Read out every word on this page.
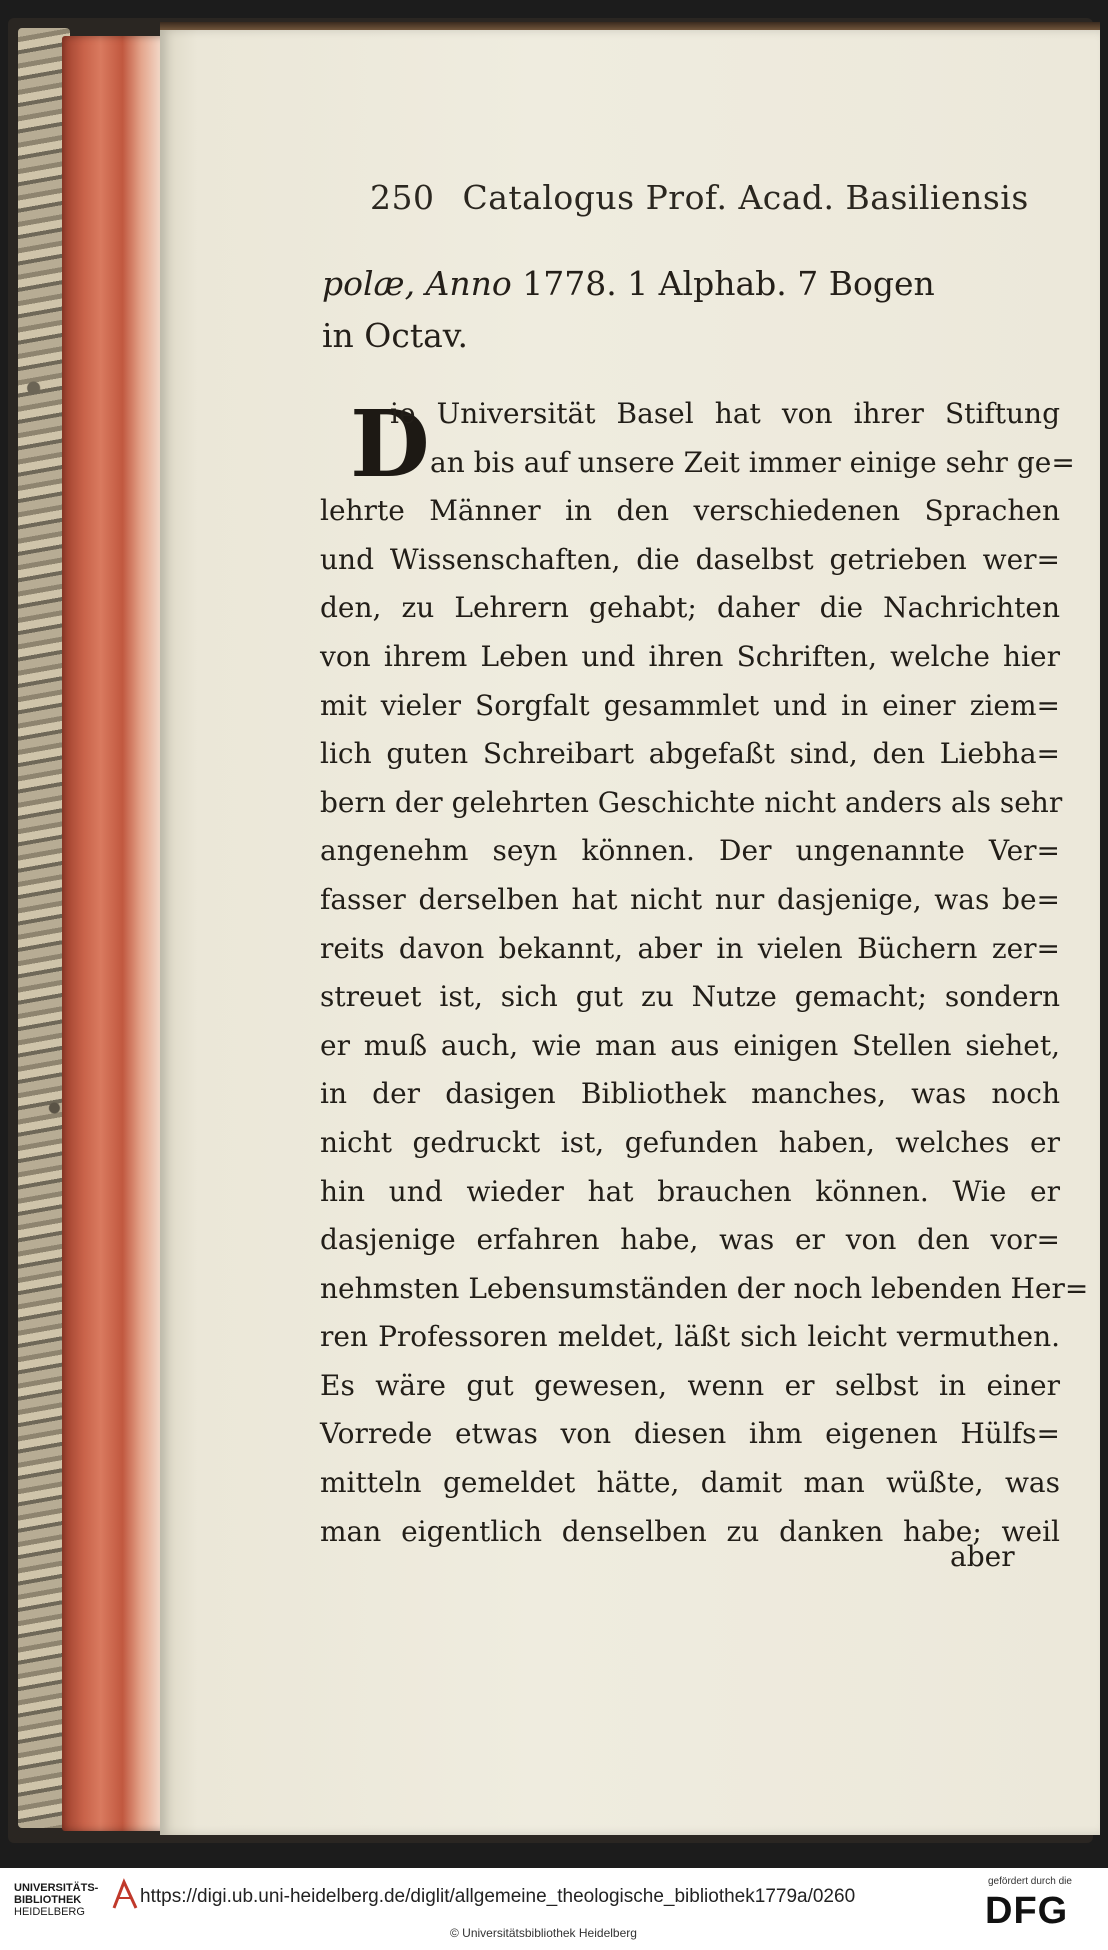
250 Catalogus Prof. Acad. Basiliensis
polæ, Anno 1778. 1 Alphab. 7 Bogen
in Octav.
D
ie Universität Basel hat von ihrer Stiftung
an bis auf unsere Zeit immer einige sehr ge=
lehrte Männer in den verschiedenen Sprachen
und Wissenschaften, die daselbst getrieben wer=
den, zu Lehrern gehabt; daher die Nachrichten
von ihrem Leben und ihren Schriften, welche hier
mit vieler Sorgfalt gesammlet und in einer ziem=
lich guten Schreibart abgefaßt sind, den Liebha=
bern der gelehrten Geschichte nicht anders als sehr
angenehm seyn können. Der ungenannte Ver=
fasser derselben hat nicht nur dasjenige, was be=
reits davon bekannt, aber in vielen Büchern zer=
streuet ist, sich gut zu Nutze gemacht; sondern
er muß auch, wie man aus einigen Stellen siehet,
in der dasigen Bibliothek manches, was noch
nicht gedruckt ist, gefunden haben, welches er
hin und wieder hat brauchen können. Wie er
dasjenige erfahren habe, was er von den vor=
nehmsten Lebensumständen der noch lebenden Her=
ren Professoren meldet, läßt sich leicht vermuthen.
Es wäre gut gewesen, wenn er selbst in einer
Vorrede etwas von diesen ihm eigenen Hülfs=
mitteln gemeldet hätte, damit man wüßte, was
man eigentlich denselben zu danken habe; weil
aber
UNIVERSITÄTS-
BIBLIOTHEK
HEIDELBERG
https://digi.ub.uni-heidelberg.de/diglit/allgemeine_theologische_bibliothek1779a/0260
© Universitätsbibliothek Heidelberg
gefördert durch die
DFG
